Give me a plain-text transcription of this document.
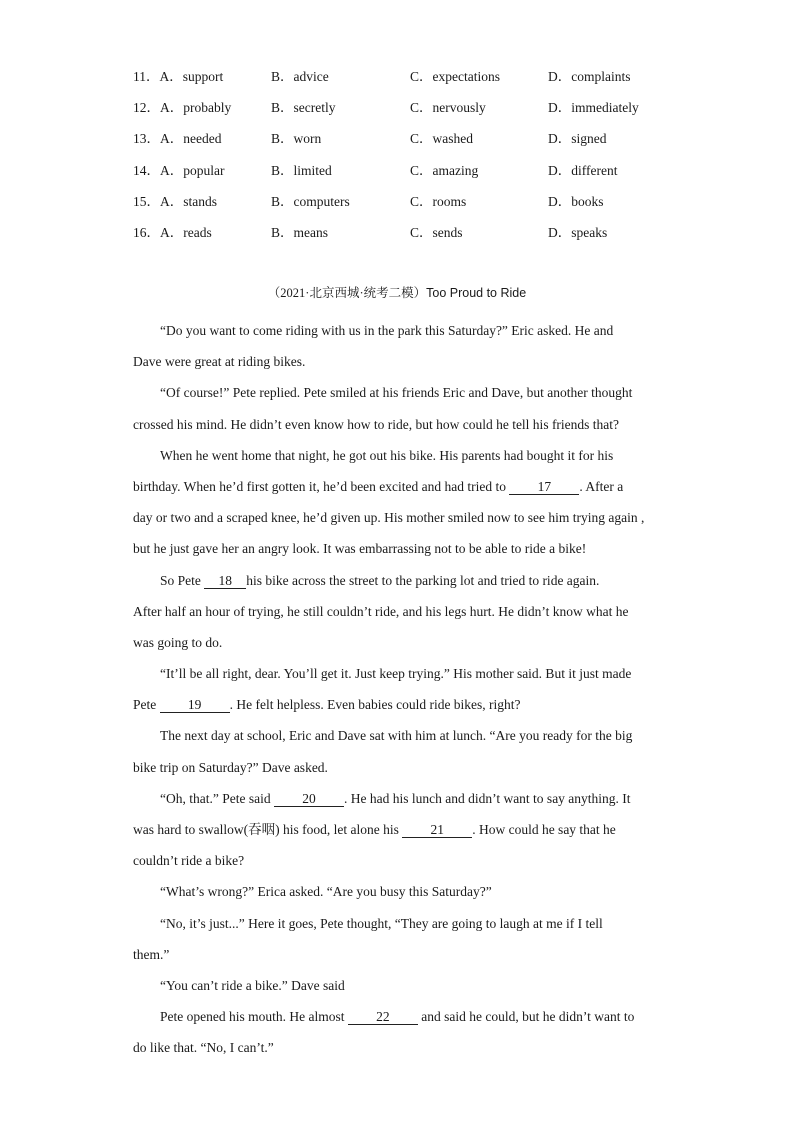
11．A．support	B．advice	C．expectations	D．complaints
12．A．probably	B．secretly	C．nervously	D．immediately
13．A．needed	B．worn	C．washed	D．signed
14．A．popular	B．limited	C．amazing	D．different
15．A．stands	B．computers	C．rooms	D．books
16．A．reads	B．means	C．sends	D．speaks
（2021·北京西城·统考二模）Too Proud to Ride
“Do you want to come riding with us in the park this Saturday?” Eric asked. He and
Dave were great at riding bikes.
“Of course!” Pete replied. Pete smiled at his friends Eric and Dave, but another thought
crossed his mind. He didn’t even know how to ride, but how could he tell his friends that?
When he went home that night, he got out his bike. His parents had bought it for his
birthday. When he’d first gotten it, he’d been excited and had tried to 17 . After a
day or two and a scraped knee, he’d given up. His mother smiled now to see him trying again ,
but he just gave her an angry look. It was embarrassing not to be able to ride a bike!
So Pete 18 his bike across the street to the parking lot and tried to ride again.
After half an hour of trying, he still couldn’t ride, and his legs hurt. He didn’t know what he
was going to do.
“It’ll be all right, dear. You’ll get it. Just keep trying.” His mother said. But it just made
Pete 19 . He felt helpless. Even babies could ride bikes, right?
The next day at school, Eric and Dave sat with him at lunch. “Are you ready for the big
bike trip on Saturday?” Dave asked.
“Oh, that.” Pete said 20 . He had his lunch and didn’t want to say anything. It
was hard to swallow(吞咽) his food, let alone his 21 . How could he say that he
couldn’t ride a bike?
“What’s wrong?” Erica asked. “Are you busy this Saturday?”
“No, it’s just...” Here it goes, Pete thought, “They are going to laugh at me if I tell
them.”
“You can’t ride a bike.” Dave said
Pete opened his mouth. He almost 22 and said he could, but he didn’t want to
do like that. “No, I can’t.”
